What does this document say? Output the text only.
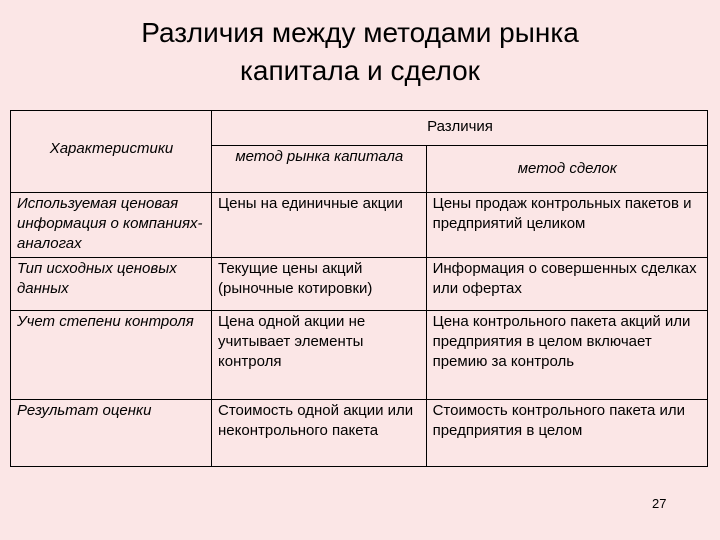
Различия между методами рынка
капитала и сделок
Характеристики	Различия	
	метод рынка капитала	метод сделок
Используемая ценовая информация о компаниях-аналогах	Цены на единичные акции	Цены продаж контрольных пакетов и предприятий целиком
Тип исходных ценовых данных	Текущие цены акций (рыночные котировки)	Информация о совершенных сделках или офертах
Учет степени контроля	Цена одной акции не учитывает элементы контроля	Цена контрольного пакета акций или предприятия в целом включает премию за контроль
Результат оценки	Стоимость одной акции или неконтрольного пакета	Стоимость контрольного пакета или предприятия в целом
27
